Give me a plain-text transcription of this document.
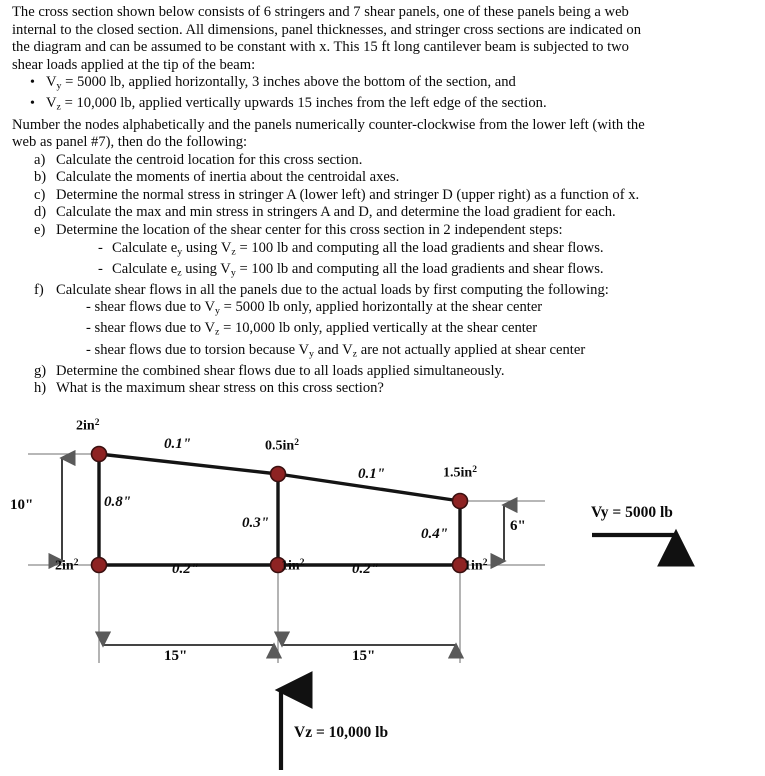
The cross section shown below consists of 6 stringers and 7 shear panels, one of these panels being a web

internal to the closed section. All dimensions, panel thicknesses, and stringer cross sections are indicated on

the diagram and can be assumed to be constant with x. This 15 ft long cantilever beam is subjected to two

shear loads applied at the tip of the beam:

• $V_y = 5000$ lb, applied horizontally, 3 inches above the bottom of the section, and
• $V_z = 10,000$ lb, applied vertically upwards 15 inches from the left edge of the section.

Number the nodes alphabetically and the panels numerically counter-clockwise from the lower left (with the

web as panel #7), then do the following:

a) Calculate the centroid location for this cross section.
b) Calculate the moments of inertia about the centroidal axes.
c) Determine the normal stress in stringer A (lower left) and stringer D (upper right) as a function of x.
d) Calculate the max and min stress in stringers A and D, and determine the load gradient for each.
e) Determine the location of the shear center for this cross section in 2 independent steps:
- Calculate $e_y$ using $V_z = 100$ lb and computing all the load gradients and shear flows.
- Calculate $e_z$ using $V_y = 100$ lb and computing all the load gradients and shear flows.
f) Calculate shear flows in all the panels due to the actual loads by first computing the following:
- shear flows due to $V_y = 5000$ lb only, applied horizontally at the shear center
- shear flows due to $V_z = 10,000$ lb only, applied vertically at the shear center
- shear flows due to torsion because $V_y$ and $V_z$ are not actually applied at shear center
g) Determine the combined shear flows due to all loads applied simultaneously.
h) What is the maximum shear stress on this cross section?
$2in^2$
$2in^2$
$0.5in^2$
$1in^2$
$1.5in^2$
$1in^2$
0.1"
0.1"
0.8"
0.3"
0.4"
0.2"	0.2"
10"
6"
15"	15"
Vy = 5000 lb
Vz = 10,000 lb
